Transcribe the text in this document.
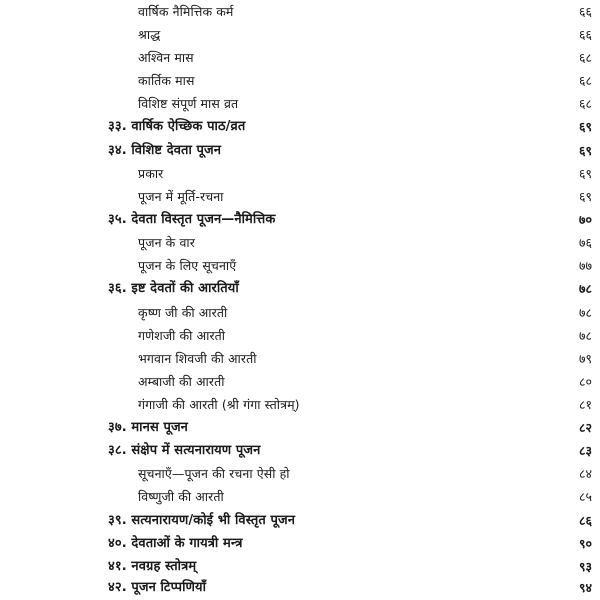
वार्षिक नैमित्तिक कर्म	६६
श्राद्ध	६६
अश्विन मास	६८
कार्तिक मास	६८
विशिष्ट संपूर्ण मास व्रत	६८
३३. वार्षिक ऐच्छिक पाठ/व्रत	६९
३४. विशिष्ट देवता पूजन	६९
प्रकार	६९
पूजन में मूर्ति-रचना	६९
३५. देवता विस्तृत पूजन—नैमित्तिक	७०
पूजन के वार	७६
पूजन के लिए सूचनाएँ	७७
३६. इष्ट देवतों की आरतियाँ	७८
कृष्ण जी की आरती	७८
गणेशजी की आरती	७८
भगवान शिवजी की आरती	७९
अम्बाजी की आरती	८०
गंगाजी की आरती (श्री गंगा स्तोत्रम्)	८१
३७. मानस पूजन	८२
३८. संक्षेप में सत्यनारायण पूजन	८३
सूचनाएँ—पूजन की रचना ऐसी हो	८४
विष्णुजी की आरती	८५
३९. सत्यनारायण/कोई भी विस्तृत पूजन	८६
४०. देवताओं के गायत्री मन्त्र	९०
४१. नवग्रह स्तोत्रम्	९३
४२. पूजन टिप्पणियाँ	९४
